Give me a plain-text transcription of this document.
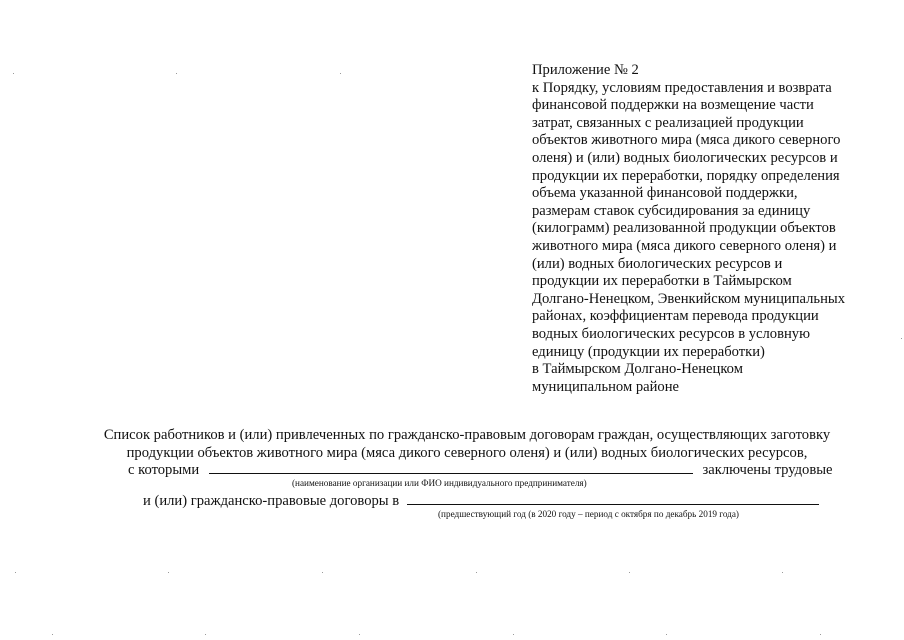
Приложение № 2
к Порядку, условиям предоставления и возврата
финансовой поддержки на возмещение части
затрат, связанных с реализацией продукции
объектов животного мира (мяса дикого северного
оленя) и (или) водных биологических ресурсов и
продукции их переработки, порядку определения
объема указанной финансовой поддержки,
размерам ставок субсидирования за единицу
(килограмм) реализованной продукции объектов
животного мира (мяса дикого северного оленя) и
(или) водных биологических ресурсов и
продукции их переработки в Таймырском
Долгано-Ненецком, Эвенкийском муниципальных
районах, коэффициентам перевода продукции
водных биологических ресурсов в условную
единицу (продукции их переработки)
в Таймырском Долгано-Ненецком
муниципальном районе
Список работников и (или) привлеченных по гражданско-правовым договорам граждан, осуществляющих заготовку
продукции объектов животного мира (мяса дикого северного оленя) и (или) водных биологических ресурсов,
с которыми	заключены трудовые
(наименование организации или ФИО индивидуального предпринимателя)
и (или) гражданско-правовые договоры в
(предшествующий год (в 2020 году – период с октября по декабрь 2019 года)
